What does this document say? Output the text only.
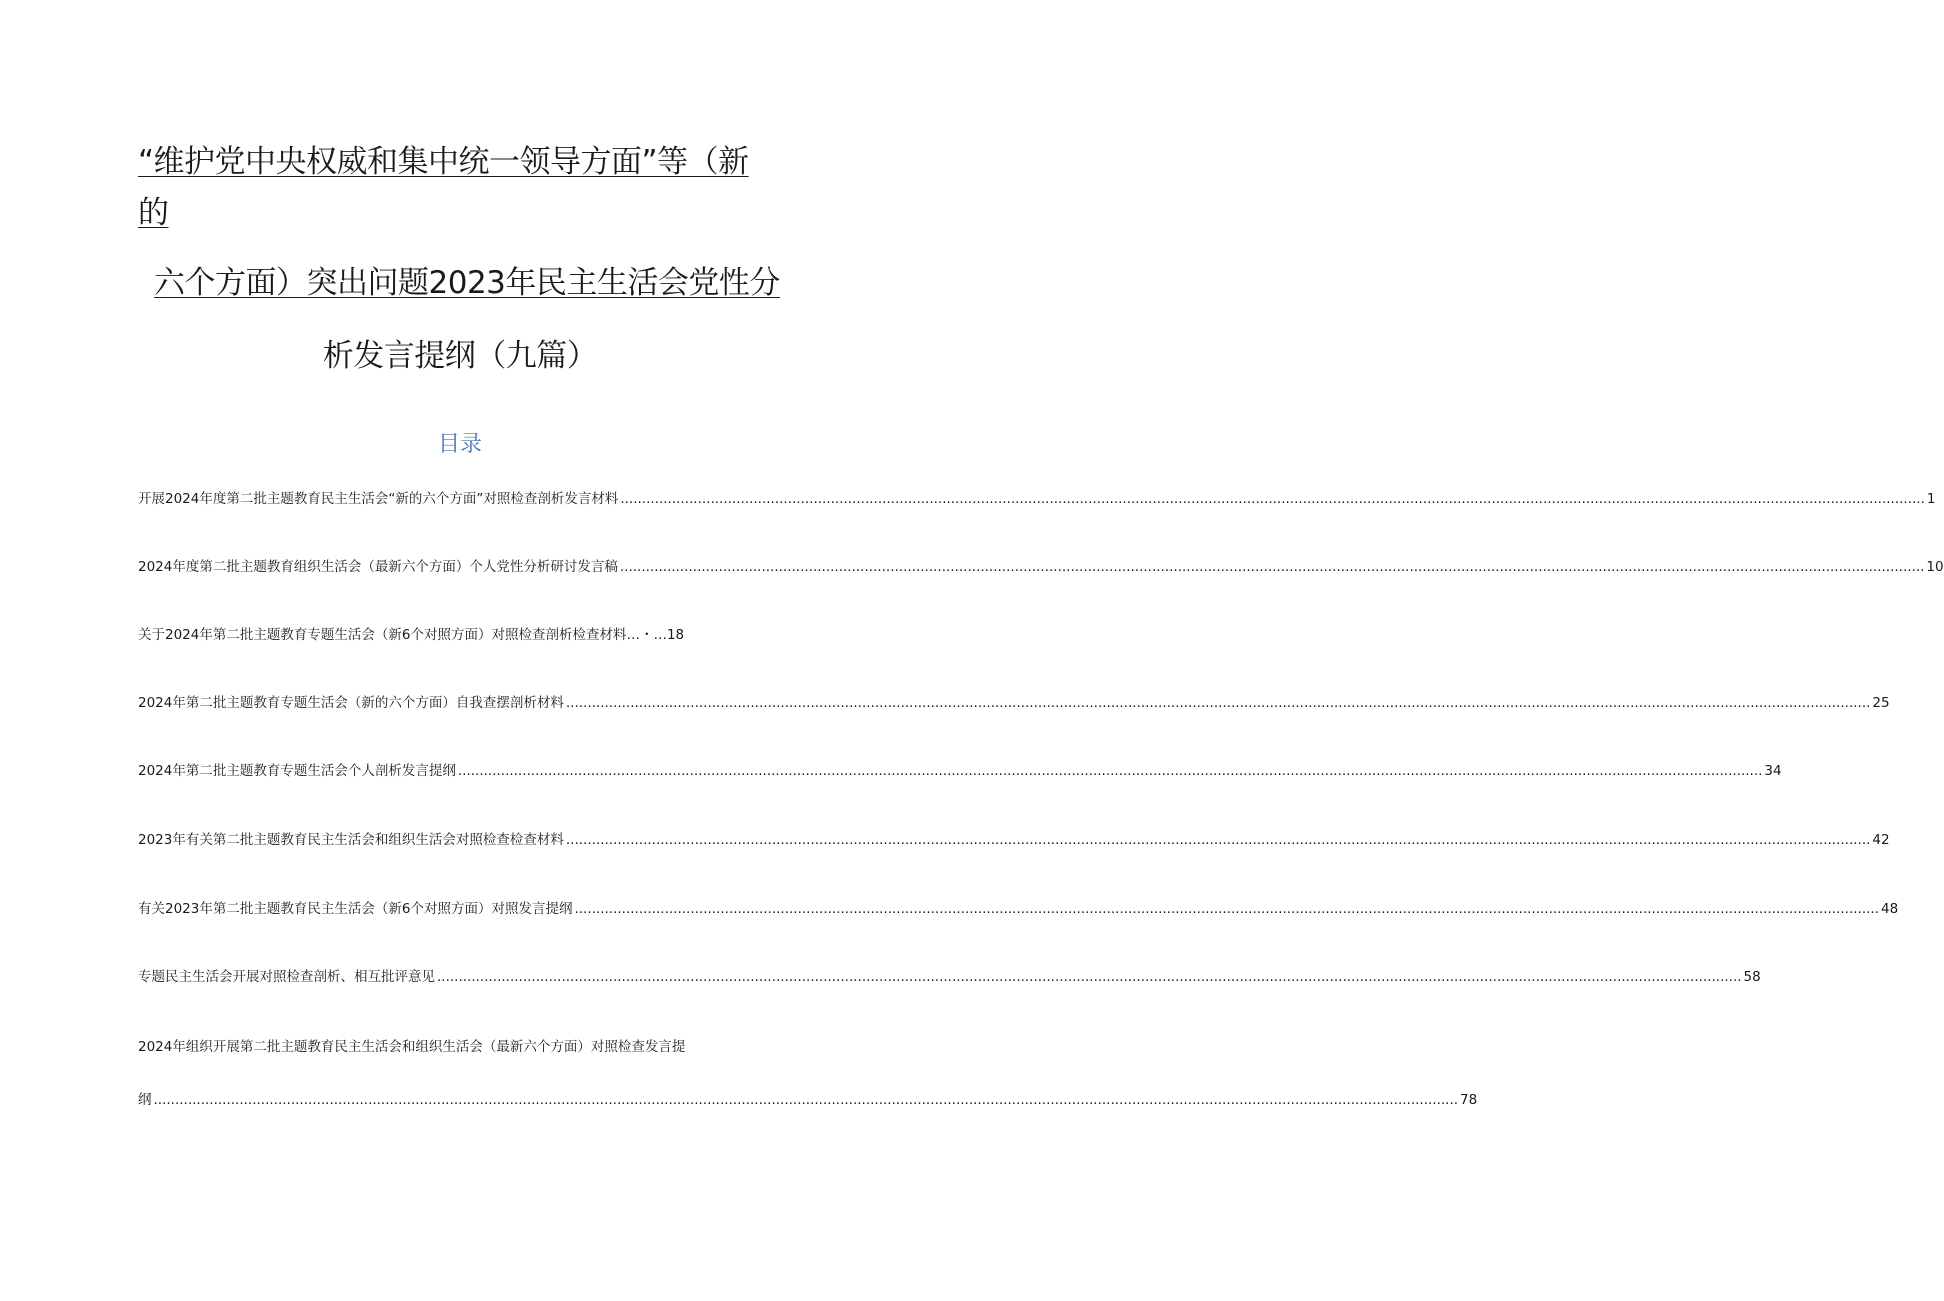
“维护党中央权威和集中统一领导方面”等（新
的
六个方面）突出问题2023年民主生活会党性分
析发言提纲（九篇）
目录
开展2024年度第二批主题教育民主生活会“新的六个方面”对照检查剖析发言材料 .....	1
2024年度第二批主题教育组织生活会（最新六个方面）个人党性分析研讨发言稿 .....	10
关于2024年第二批主题教育专题生活会（新6个对照方面）对照检查剖析检查材料…・…18
2024年第二批主题教育专题生活会（新的六个方面）自我查摆剖析材料 .....	25
2024年第二批主题教育专题生活会个人剖析发言提纲 .....	34
2023年有关第二批主题教育民主生活会和组织生活会对照检查检查材料 .....	42
有关2023年第二批主题教育民主生活会（新6个对照方面）对照发言提纲 .....	48
专题民主生活会开展对照检查剖析、相互批评意见 .....	58
2024年组织开展第二批主题教育民主生活会和组织生活会（最新六个方面）对照检查发言提
纲 .....	78
